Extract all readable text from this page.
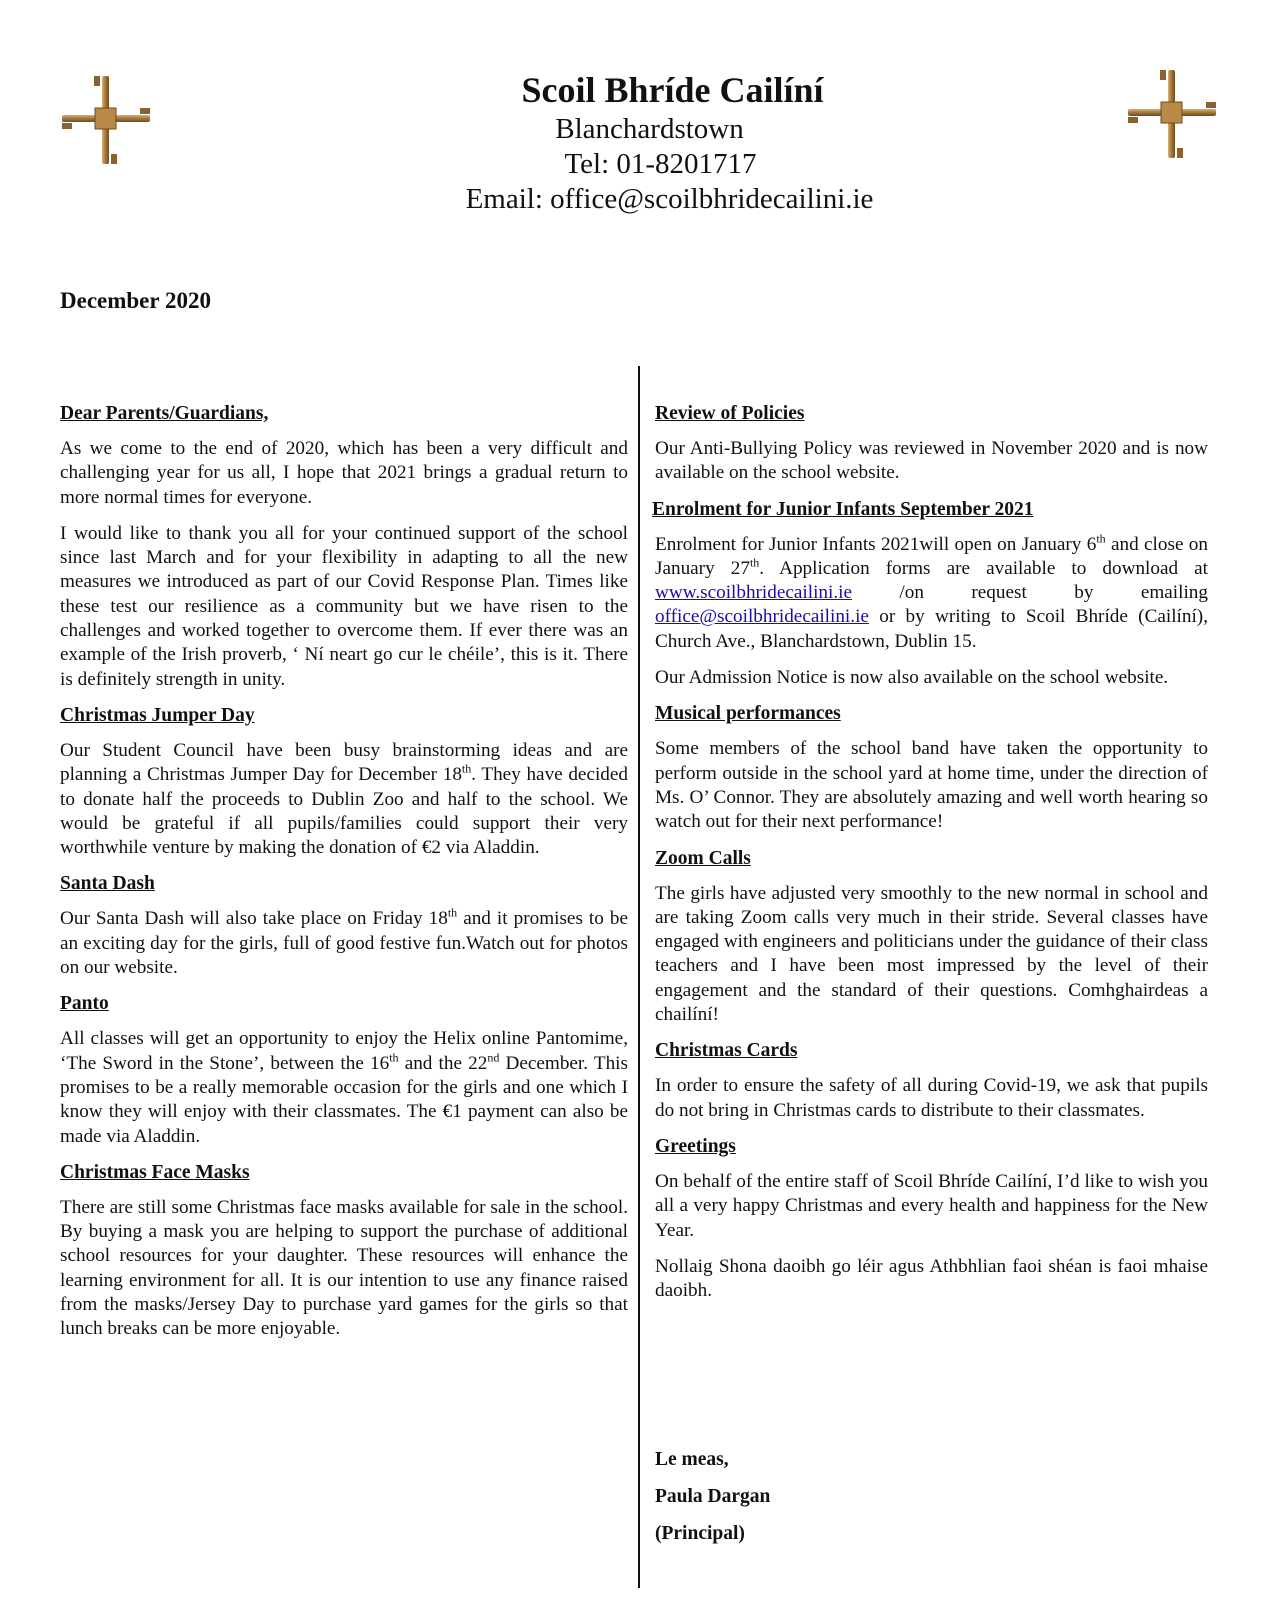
Scoil Bhríde Cailíní
Blanchardstown
Tel: 01-8201717
Email: office@scoilbhridecailini.ie
December 2020
Dear Parents/Guardians,

As we come to the end of 2020, which has been a very difficult and challenging year for us all, I hope that 2021 brings a gradual return to more normal times for everyone.

I would like to thank you all for your continued support of the school since last March and for your flexibility in adapting to all the new measures we introduced as part of our Covid Response Plan. Times like these test our resilience as a community but we have risen to the challenges and worked together to overcome them. If ever there was an example of the Irish proverb, ‘ Ní neart go cur le chéile’, this is it. There is definitely strength in unity.

Christmas Jumper Day

Our Student Council have been busy brainstorming ideas and are planning a Christmas Jumper Day for December 18th. They have decided to donate half the proceeds to Dublin Zoo and half to the school. We would be grateful if all pupils/families could support their very worthwhile venture by making the donation of €2 via Aladdin.

Santa Dash

Our Santa Dash will also take place on Friday 18th and it promises to be an exciting day for the girls, full of good festive fun.Watch out for photos on our website.

Panto

All classes will get an opportunity to enjoy the Helix online Pantomime, ‘The Sword in the Stone’, between the 16th and the 22nd December. This promises to be a really memorable occasion for the girls and one which I know they will enjoy with their classmates. The €1 payment can also be made via Aladdin.

Christmas Face Masks

There are still some Christmas face masks available for sale in the school. By buying a mask you are helping to support the purchase of additional school resources for your daughter. These resources will enhance the learning environment for all. It is our intention to use any finance raised from the masks/Jersey Day to purchase yard games for the girls so that lunch breaks can be more enjoyable.

Review of Policies

Our Anti-Bullying Policy was reviewed in November 2020 and is now available on the school website.

Enrolment for Junior Infants September 2021

Enrolment for Junior Infants 2021will open on January 6th and close on January 27th. Application forms are available to download at www.scoilbhridecailini.ie /on request by emailing office@scoilbhridecailini.ie or by writing to Scoil Bhríde (Cailíní), Church Ave., Blanchardstown, Dublin 15.

Our Admission Notice is now also available on the school website.

Musical performances

Some members of the school band have taken the opportunity to perform outside in the school yard at home time, under the direction of Ms. O’ Connor. They are absolutely amazing and well worth hearing so watch out for their next performance!

Zoom Calls

The girls have adjusted very smoothly to the new normal in school and are taking Zoom calls very much in their stride. Several classes have engaged with engineers and politicians under the guidance of their class teachers and I have been most impressed by the level of their engagement and the standard of their questions. Comhghairdeas a chailíní!

Christmas Cards

In order to ensure the safety of all during Covid-19, we ask that pupils do not bring in Christmas cards to distribute to their classmates.

Greetings

On behalf of the entire staff of Scoil Bhríde Cailíní, I’d like to wish you all a very happy Christmas and every health and happiness for the New Year.

Nollaig Shona daoibh go léir agus Athbhlian faoi shéan is faoi mhaise daoibh.

Le meas,
Paula Dargan
(Principal)
